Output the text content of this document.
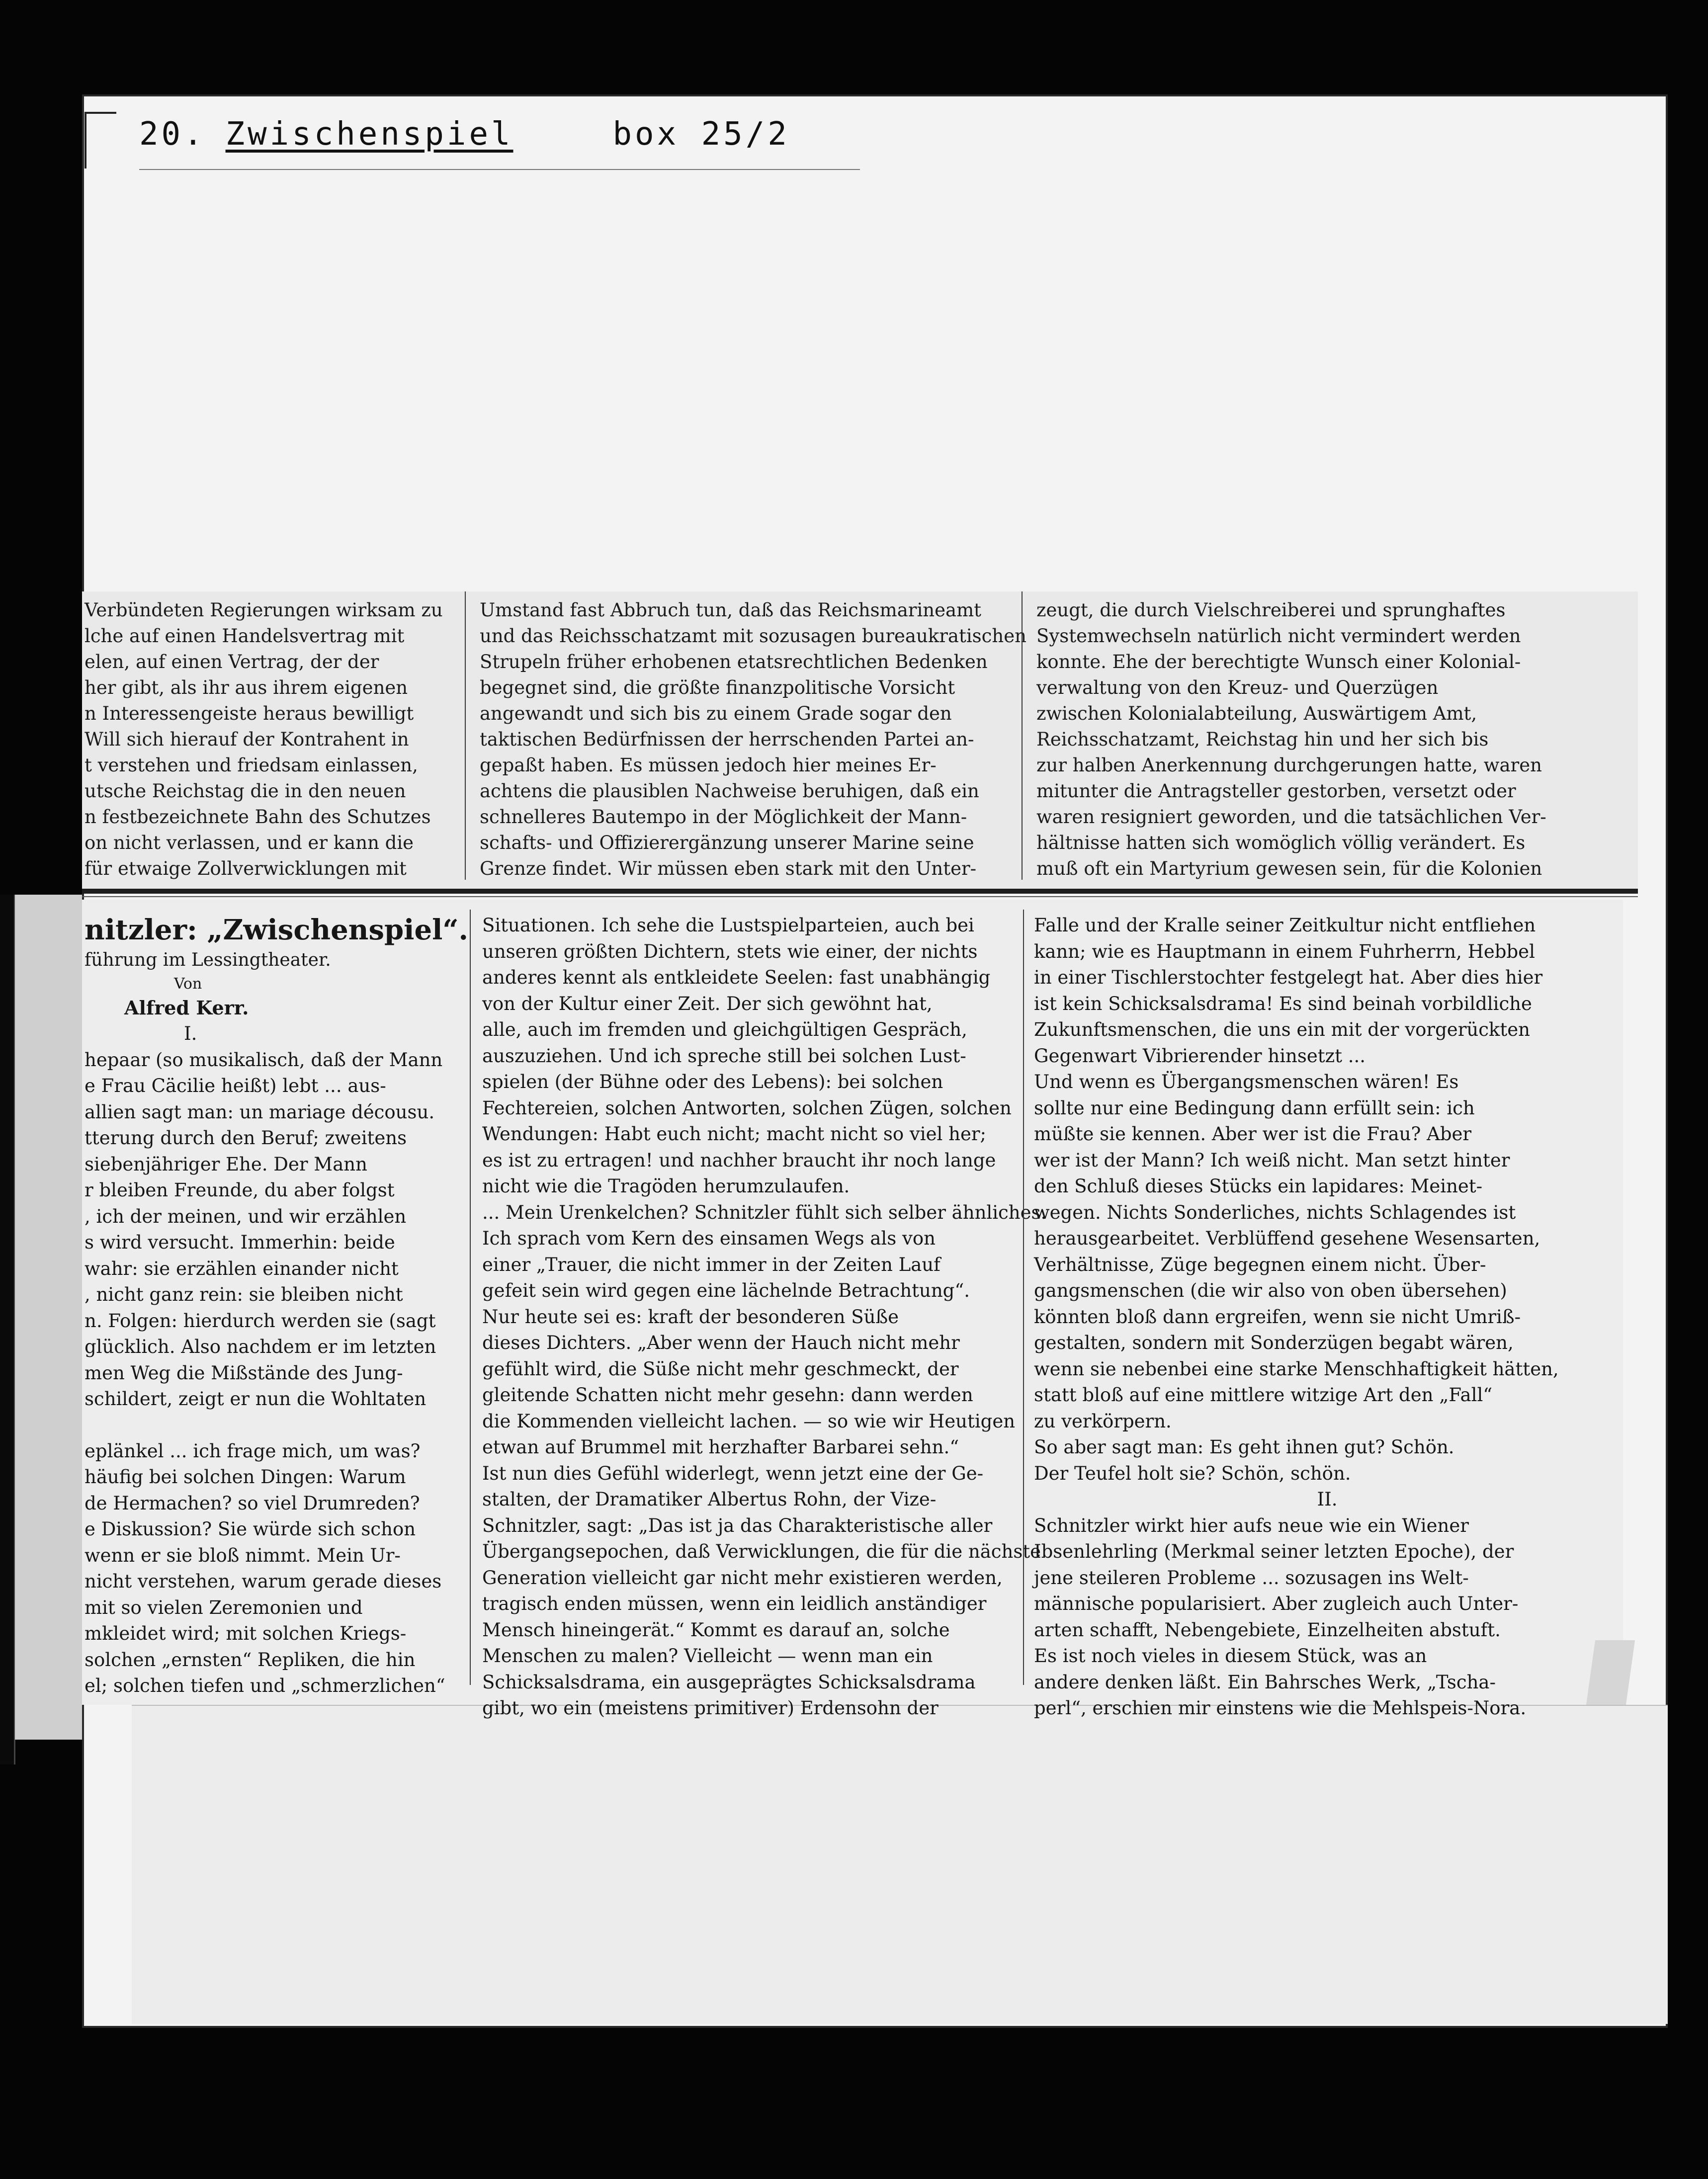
20. Zwischenspiel	box 25/2
Verbündeten Regierungen wirksam zu
lche auf einen Handelsvertrag mit
elen, auf einen Vertrag, der der
her gibt, als ihr aus ihrem eigenen
n Interessengeiste heraus bewilligt
Will sich hierauf der Kontrahent in
t verstehen und friedsam einlassen,
utsche Reichstag die in den neuen
n festbezeichnete Bahn des Schutzes
on nicht verlassen, und er kann die
für etwaige Zollverwicklungen mit
Umstand fast Abbruch tun, daß das Reichsmarineamt
und das Reichsschatzamt mit sozusagen bureaukratischen
Strupeln früher erhobenen etatsrechtlichen Bedenken
begegnet sind, die größte finanzpolitische Vorsicht
angewandt und sich bis zu einem Grade sogar den
taktischen Bedürfnissen der herrschenden Partei an-
gepaßt haben. Es müssen jedoch hier meines Er-
achtens die plausiblen Nachweise beruhigen, daß ein
schnelleres Bautempo in der Möglichkeit der Mann-
schafts- und Offizierergänzung unserer Marine seine
Grenze findet. Wir müssen eben stark mit den Unter-
zeugt, die durch Vielschreiberei und sprunghaftes
Systemwechseln natürlich nicht vermindert werden
konnte. Ehe der berechtigte Wunsch einer Kolonial-
verwaltung von den Kreuz- und Querzügen
zwischen Kolonialabteilung, Auswärtigem Amt,
Reichsschatzamt, Reichstag hin und her sich bis
zur halben Anerkennung durchgerungen hatte, waren
mitunter die Antragsteller gestorben, versetzt oder
waren resigniert geworden, und die tatsächlichen Ver-
hältnisse hatten sich womöglich völlig verändert. Es
muß oft ein Martyrium gewesen sein, für die Kolonien
nitzler: „Zwischenspiel“.
führung im Lessingtheater.
Von
Alfred Kerr.
I.
hepaar (so musikalisch, daß der Mann
e Frau Cäcilie heißt) lebt ... aus-
allien sagt man: un mariage décousu.
tterung durch den Beruf; zweitens
siebenjähriger Ehe. Der Mann
r bleiben Freunde, du aber folgst
, ich der meinen, und wir erzählen
s wird versucht. Immerhin: beide
wahr: sie erzählen einander nicht
, nicht ganz rein: sie bleiben nicht
n. Folgen: hierdurch werden sie (sagt
glücklich. Also nachdem er im letzten
men Weg die Mißstände des Jung-
schildert, zeigt er nun die Wohltaten
eplänkel ... ich frage mich, um was?
häufig bei solchen Dingen: Warum
de Hermachen? so viel Drumreden?
e Diskussion? Sie würde sich schon
wenn er sie bloß nimmt. Mein Ur-
nicht verstehen, warum gerade dieses
mit so vielen Zeremonien und
mkleidet wird; mit solchen Kriegs-
solchen „ernsten“ Repliken, die hin
el; solchen tiefen und „schmerzlichen“
Situationen. Ich sehe die Lustspielparteien, auch bei
unseren größten Dichtern, stets wie einer, der nichts
anderes kennt als entkleidete Seelen: fast unabhängig
von der Kultur einer Zeit. Der sich gewöhnt hat,
alle, auch im fremden und gleichgültigen Gespräch,
auszuziehen. Und ich spreche still bei solchen Lust-
spielen (der Bühne oder des Lebens): bei solchen
Fechtereien, solchen Antworten, solchen Zügen, solchen
Wendungen: Habt euch nicht; macht nicht so viel her;
es ist zu ertragen! und nachher braucht ihr noch lange
nicht wie die Tragöden herumzulaufen.
... Mein Urenkelchen? Schnitzler fühlt sich selber ähnliches.
Ich sprach vom Kern des einsamen Wegs als von
einer „Trauer, die nicht immer in der Zeiten Lauf
gefeit sein wird gegen eine lächelnde Betrachtung“.
Nur heute sei es: kraft der besonderen Süße
dieses Dichters. „Aber wenn der Hauch nicht mehr
gefühlt wird, die Süße nicht mehr geschmeckt, der
gleitende Schatten nicht mehr gesehn: dann werden
die Kommenden vielleicht lachen. — so wie wir Heutigen
etwan auf Brummel mit herzhafter Barbarei sehn.“
Ist nun dies Gefühl widerlegt, wenn jetzt eine der Ge-
stalten, der Dramatiker Albertus Rohn, der Vize-
Schnitzler, sagt: „Das ist ja das Charakteristische aller
Übergangsepochen, daß Verwicklungen, die für die nächste
Generation vielleicht gar nicht mehr existieren werden,
tragisch enden müssen, wenn ein leidlich anständiger
Mensch hineingerät.“ Kommt es darauf an, solche
Menschen zu malen? Vielleicht — wenn man ein
Schicksalsdrama, ein ausgeprägtes Schicksalsdrama
gibt, wo ein (meistens primitiver) Erdensohn der
Falle und der Kralle seiner Zeitkultur nicht entfliehen
kann; wie es Hauptmann in einem Fuhrherrn, Hebbel
in einer Tischlerstochter festgelegt hat. Aber dies hier
ist kein Schicksalsdrama! Es sind beinah vorbildliche
Zukunftsmenschen, die uns ein mit der vorgerückten
Gegenwart Vibrierender hinsetzt ...
Und wenn es Übergangsmenschen wären! Es
sollte nur eine Bedingung dann erfüllt sein: ich
müßte sie kennen. Aber wer ist die Frau? Aber
wer ist der Mann? Ich weiß nicht. Man setzt hinter
den Schluß dieses Stücks ein lapidares: Meinet-
wegen. Nichts Sonderliches, nichts Schlagendes ist
herausgearbeitet. Verblüffend gesehene Wesensarten,
Verhältnisse, Züge begegnen einem nicht. Über-
gangsmenschen (die wir also von oben übersehen)
könnten bloß dann ergreifen, wenn sie nicht Umriß-
gestalten, sondern mit Sonderzügen begabt wären,
wenn sie nebenbei eine starke Menschhaftigkeit hätten,
statt bloß auf eine mittlere witzige Art den „Fall“
zu verkörpern.
So aber sagt man: Es geht ihnen gut? Schön.
Der Teufel holt sie? Schön, schön.
II.
Schnitzler wirkt hier aufs neue wie ein Wiener
Ibsenlehrling (Merkmal seiner letzten Epoche), der
jene steileren Probleme ... sozusagen ins Welt-
männische popularisiert. Aber zugleich auch Unter-
arten schafft, Nebengebiete, Einzelheiten abstuft.
Es ist noch vieles in diesem Stück, was an
andere denken läßt. Ein Bahrsches Werk, „Tscha-
perl“, erschien mir einstens wie die Mehlspeis-Nora.
